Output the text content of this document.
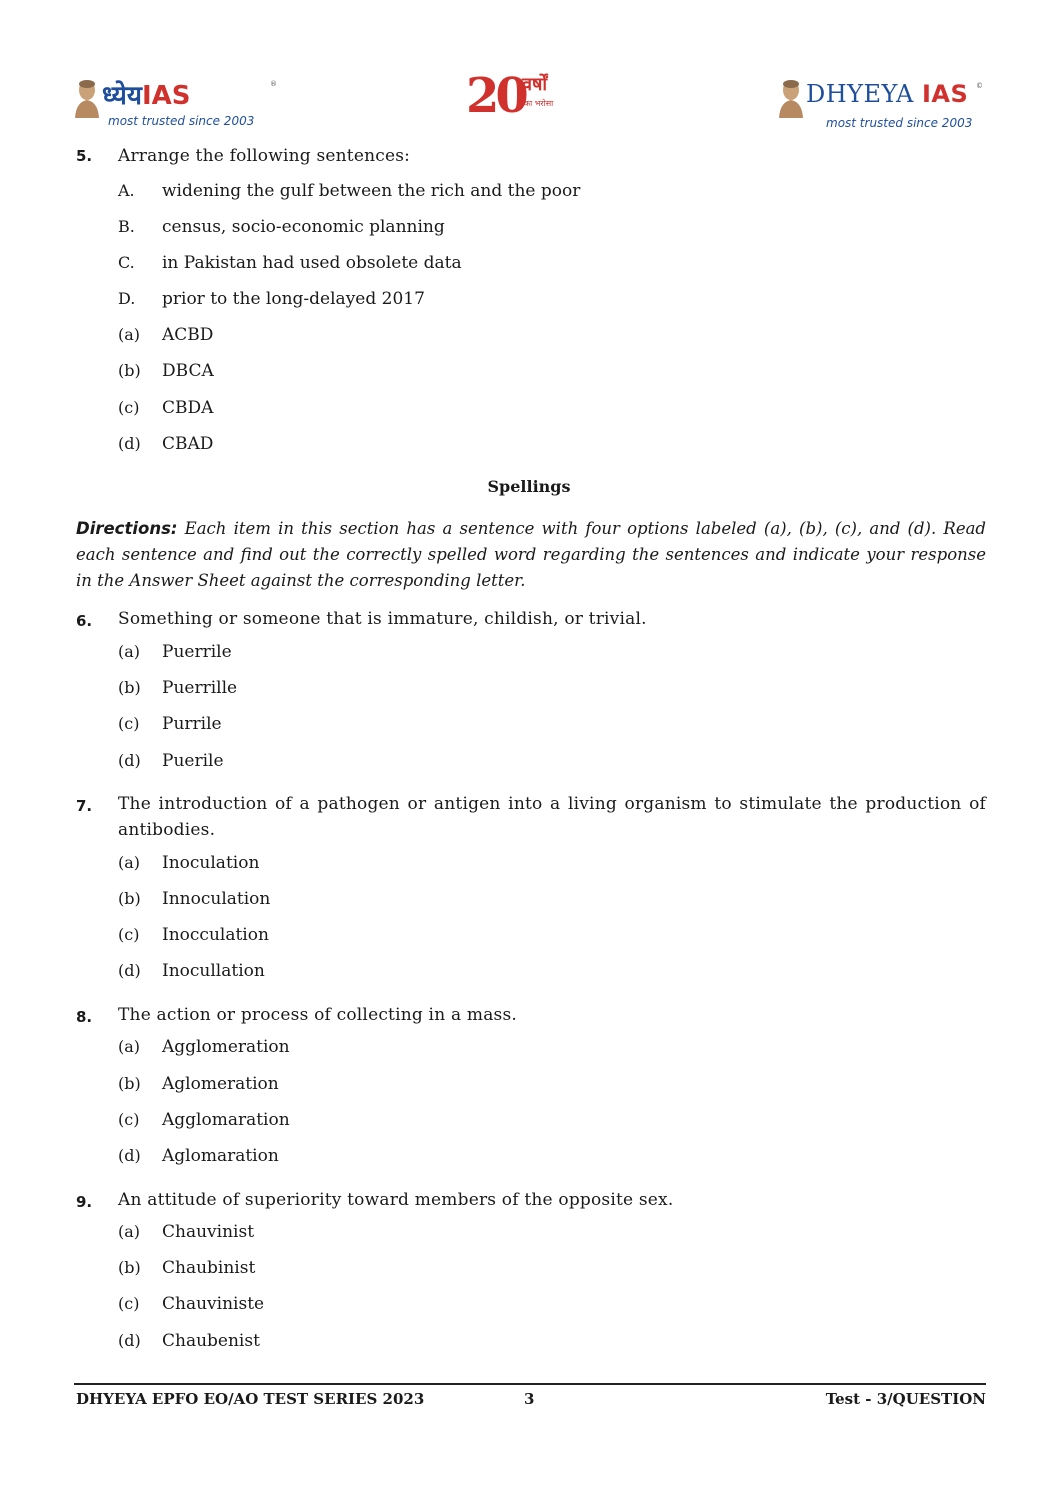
ध्येयIAS	®
most trusted since 2003	20
वर्षों
का भरोसा	DHYEYA IAS ©
most trusted since 2003
5. Arrange the following sentences:
A. widening the gulf between the rich and the poor
B. census, socio-economic planning
C. in Pakistan had used obsolete data
D. prior to the long-delayed 2017
(a) ACBD
(b) DBCA
(c) CBDA
(d) CBAD
Spellings
Directions: Each item in this section has a sentence with four options labeled (a), (b), (c), and (d). Read each sentence and find out the correctly spelled word regarding the sentences and indicate your response in the Answer Sheet against the corresponding letter.
6. Something or someone that is immature, childish, or trivial.
(a) Puerrile
(b) Puerrille
(c) Purrile
(d) Puerile
7. The introduction of a pathogen or antigen into a living organism to stimulate the production of antibodies.
(a) Inoculation
(b) Innoculation
(c) Inocculation
(d) Inocullation
8. The action or process of collecting in a mass.
(a) Agglomeration
(b) Aglomeration
(c) Agglomaration
(d) Aglomaration
9. An attitude of superiority toward members of the opposite sex.
(a) Chauvinist
(b) Chaubinist
(c) Chauviniste
(d) Chaubenist
DHYEYA EPFO EO/AO TEST SERIES 2023	3	Test - 3/QUESTION
